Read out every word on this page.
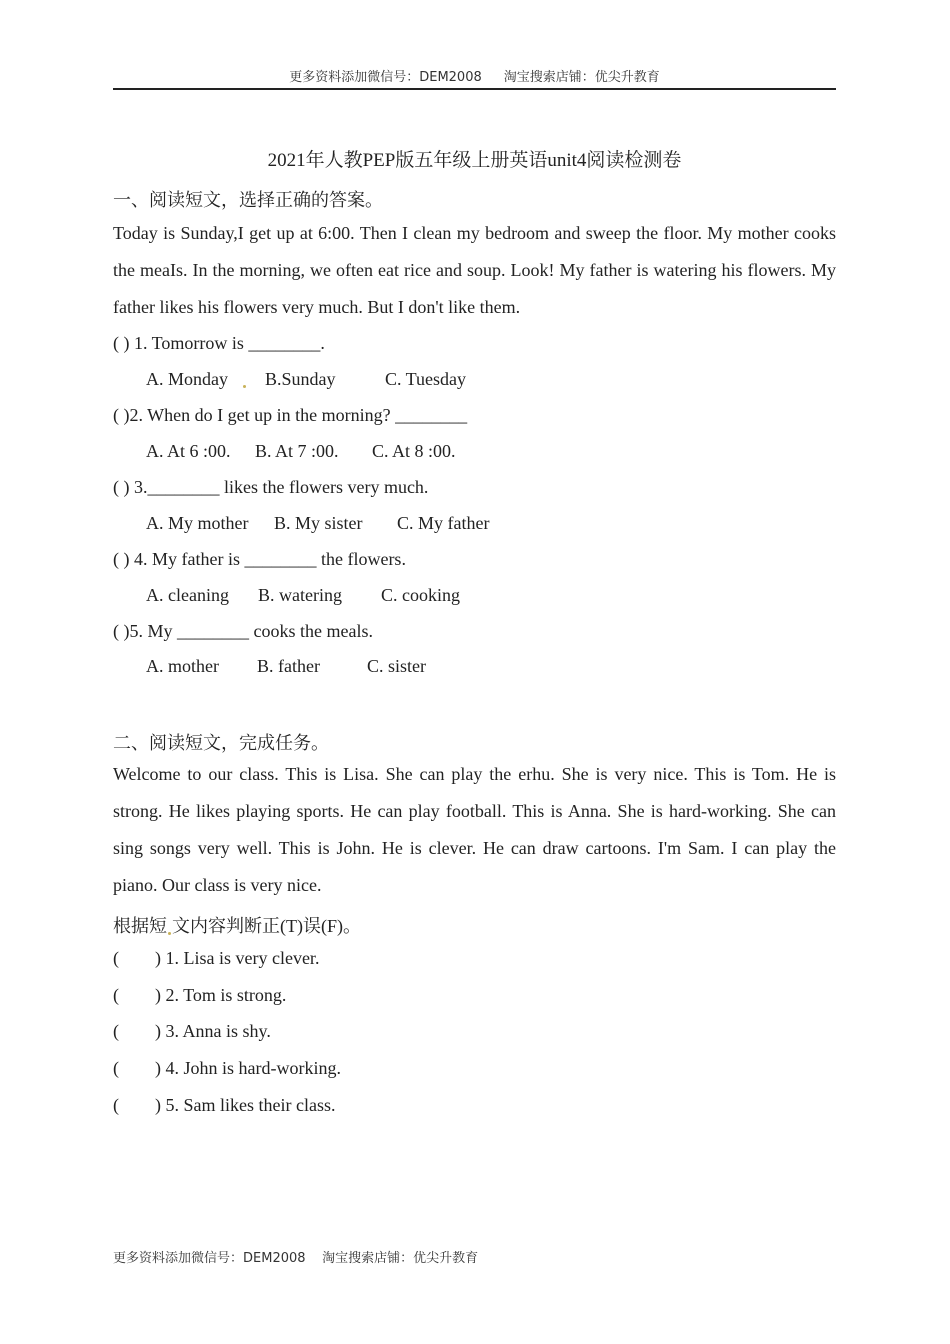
更多资料添加微信号：DEM2008 淘宝搜索店铺：优尖升教育
2021年人教PEP版五年级上册英语unit4阅读检测卷
一、阅读短文，选择正确的答案。
Today is Sunday,I get up at 6:00. Then I clean my bedroom and sweep the floor. My mother cooks the meaIs. In the morning, we often eat rice and soup. Look! My father is watering his flowers. My father likes his flowers very much. But I don't like them.
( ) 1. Tomorrow is ________.
A. Monday B.Sunday	C. Tuesday
( )2. When do I get up in the morning? ________
A. At 6 :00. B. At 7 :00. C. At 8 :00.
( ) 3.________ likes the flowers very much.
A. My mother B. My sister C. My father
( ) 4. My father is ________ the flowers.
A. cleaning B. watering C. cooking
( )5. My ________ cooks the meals.
A. mother B. father	C. sister
二、阅读短文，完成任务。
Welcome to our class. This is Lisa. She can play the erhu. She is very nice. This is Tom. He is strong. He likes playing sports. He can play football. This is Anna. She is hard-working. She can sing songs very well. This is John. He is clever. He can draw cartoons. I'm Sam. I can play the piano. Our class is very nice.
根据短 文内容判断正(T)误(F)。
(        ) 1. Lisa is very clever.
(        ) 2. Tom is strong.
(        ) 3. Anna is shy.
(        ) 4. John is hard-working.
(        ) 5. Sam likes their class.
更多资料添加微信号：DEM2008 淘宝搜索店铺：优尖升教育
